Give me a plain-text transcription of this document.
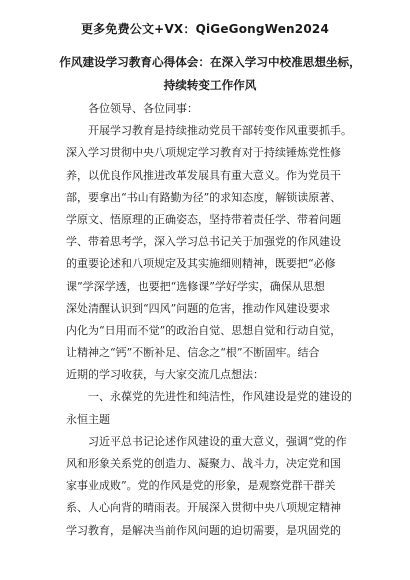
更多免费公文+VX：QiGeGongWen2024
作风建设学习教育心得体会：在深入学习中校准思想坐标，
持续转变工作作风
各位领导、各位同事：
开展学习教育是持续推动党员干部转变作风重要抓手。
深入学习贯彻中央八项规定学习教育对于持续锤炼党性修
养，以优良作风推进改革发展具有重大意义。作为党员干
部，要拿出“书山有路勤为径”的求知态度，解锁读原著、
学原文、悟原理的正确姿态，坚持带着责任学、带着问题
学、带着思考学，深入学习总书记关于加强党的作风建设
的重要论述和八项规定及其实施细则精神，既要把“必修
课”学深学透，也要把“选修课”学好学实，确保从思想
深处清醒认识到“四风”问题的危害，推动作风建设要求
内化为“日用而不觉”的政治自觉、思想自觉和行动自觉，
让精神之“钙”不断补足、信念之“根”不断固牢。结合
近期的学习收获，与大家交流几点想法：
一、永葆党的先进性和纯洁性，作风建设是党的建设的
永恒主题
习近平总书记论述作风建设的重大意义，强调“党的作
风和形象关系党的创造力、凝聚力、战斗力，决定党和国
家事业成败”。党的作风是党的形象，是观察党群干群关
系、人心向背的晴雨表。开展深入贯彻中央八项规定精神
学习教育，是解决当前作风问题的迫切需要，是巩固党的
